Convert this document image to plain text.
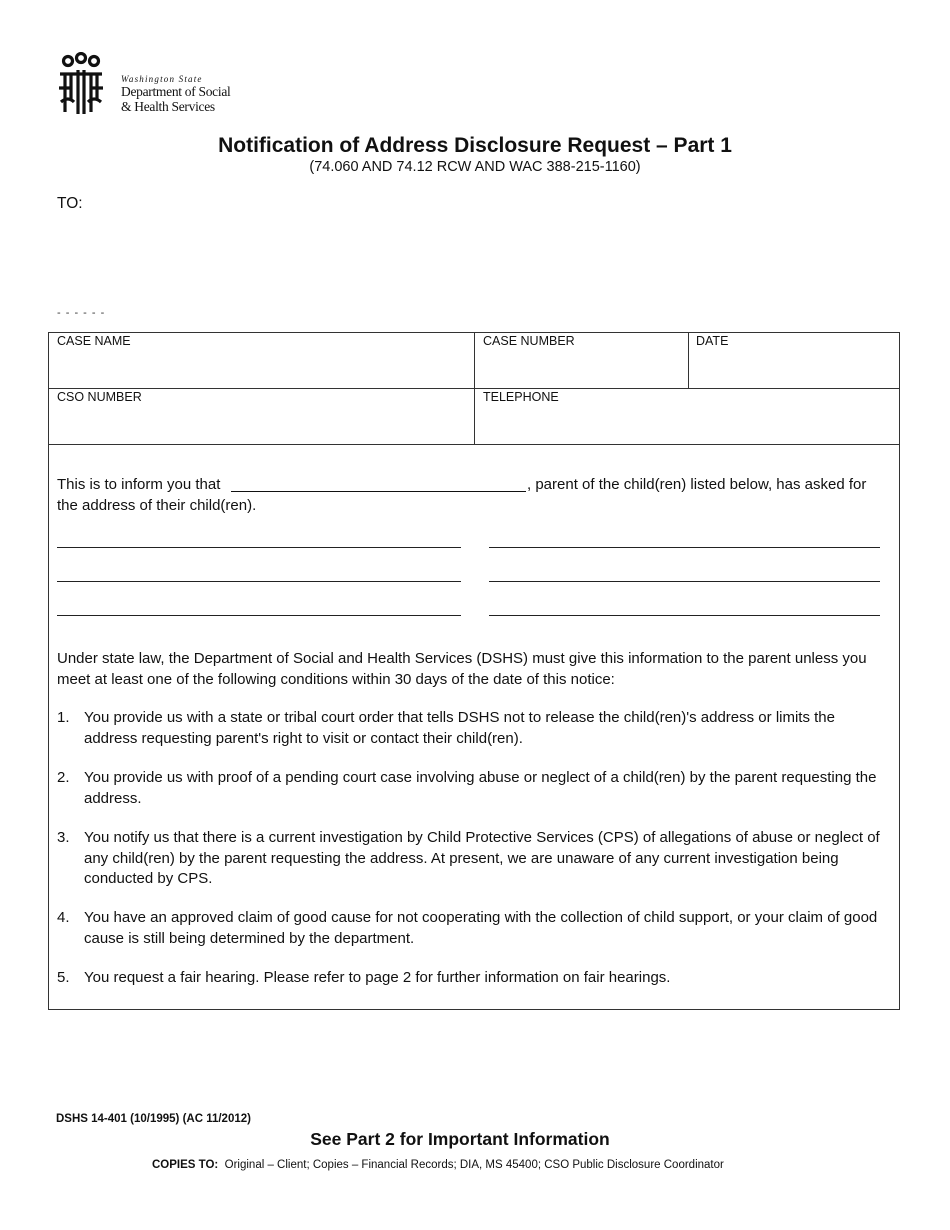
Washington State
Department of Social
& Health Services
Notification of Address Disclosure Request – Part 1
(74.060 AND 74.12 RCW AND WAC 388-215-1160)
TO:
- - - - - -
CASE NAME	CASE NUMBER	DATE
CSO NUMBER	TELEPHONE
This is to inform you that	, parent of the child(ren) listed below, has asked for
the address of their child(ren).
Under state law, the Department of Social and Health Services (DSHS) must give this information to the parent unless you meet at least one of the following conditions within 30 days of the date of this notice:
1. You provide us with a state or tribal court order that tells DSHS not to release the child(ren)'s address or limits the address requesting parent's right to visit or contact their child(ren).
2. You provide us with proof of a pending court case involving abuse or neglect of a child(ren) by the parent requesting the address.
3. You notify us that there is a current investigation by Child Protective Services (CPS) of allegations of abuse or neglect of any child(ren) by the parent requesting the address. At present, we are unaware of any current investigation being conducted by CPS.
4. You have an approved claim of good cause for not cooperating with the collection of child support, or your claim of good cause is still being determined by the department.
5. You request a fair hearing. Please refer to page 2 for further information on fair hearings.
DSHS 14-401 (10/1995) (AC 11/2012)
See Part 2 for Important Information
COPIES TO: Original – Client; Copies – Financial Records; DIA, MS 45400; CSO Public Disclosure Coordinator
